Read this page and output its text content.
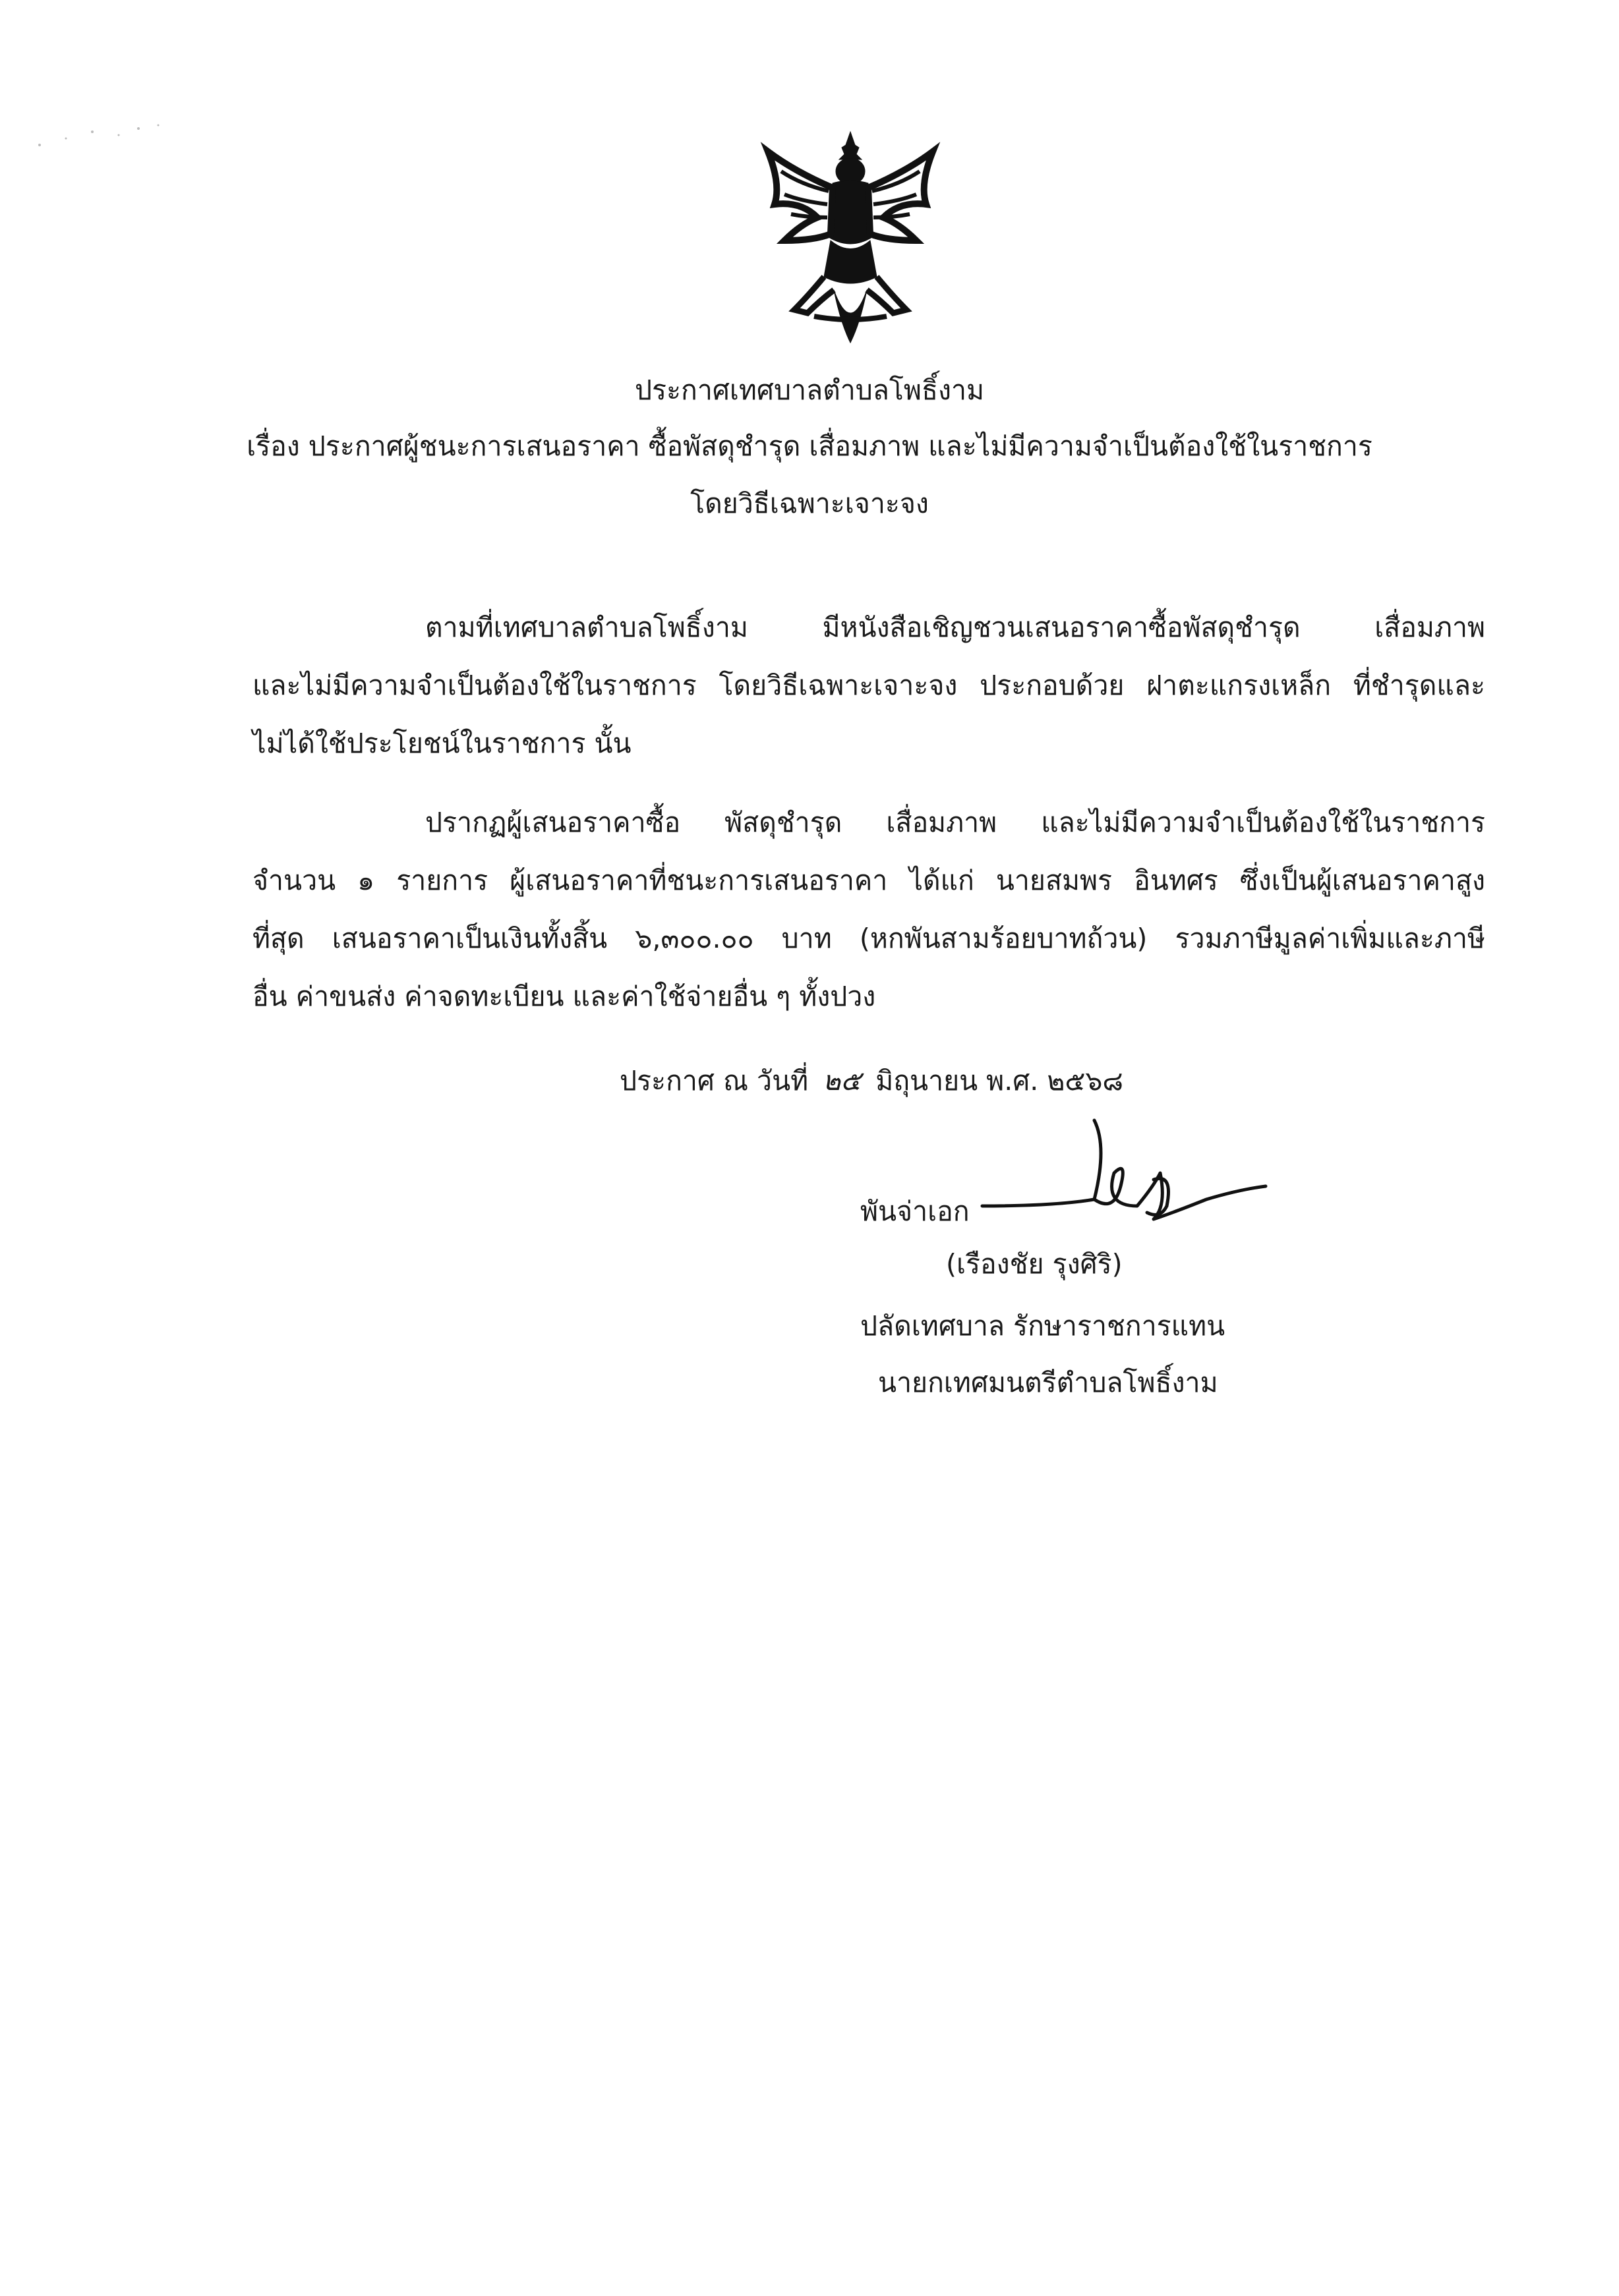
ประกาศเทศบาลตำบลโพธิ์งาม
เรื่อง ประกาศผู้ชนะการเสนอราคา ซื้อพัสดุชำรุด เสื่อมภาพ และไม่มีความจำเป็นต้องใช้ในราชการ
โดยวิธีเฉพาะเจาะจง
ตามที่เทศบาลตำบลโพธิ์งาม มีหนังสือเชิญชวนเสนอราคาซื้อพัสดุชำรุด เสื่อมภาพ
และไม่มีความจำเป็นต้องใช้ในราชการ โดยวิธีเฉพาะเจาะจง ประกอบด้วย ฝาตะแกรงเหล็ก ที่ชำรุดและ
ไม่ได้ใช้ประโยชน์ในราชการ นั้น
ปรากฏผู้เสนอราคาซื้อ พัสดุชำรุด เสื่อมภาพ และไม่มีความจำเป็นต้องใช้ในราชการ
จำนวน ๑ รายการ ผู้เสนอราคาที่ชนะการเสนอราคา ได้แก่ นายสมพร อินทศร ซึ่งเป็นผู้เสนอราคาสูง
ที่สุด เสนอราคาเป็นเงินทั้งสิ้น ๖,๓๐๐.๐๐ บาท (หกพันสามร้อยบาทถ้วน) รวมภาษีมูลค่าเพิ่มและภาษี
อื่น ค่าขนส่ง ค่าจดทะเบียน และค่าใช้จ่ายอื่น ๆ ทั้งปวง
ประกาศ ณ วันที่ ๒๕ มิถุนายน พ.ศ. ๒๕๖๘
พันจ่าเอก
(เรืองชัย รุงศิริ)
ปลัดเทศบาล รักษาราชการแทน
นายกเทศมนตรีตำบลโพธิ์งาม
